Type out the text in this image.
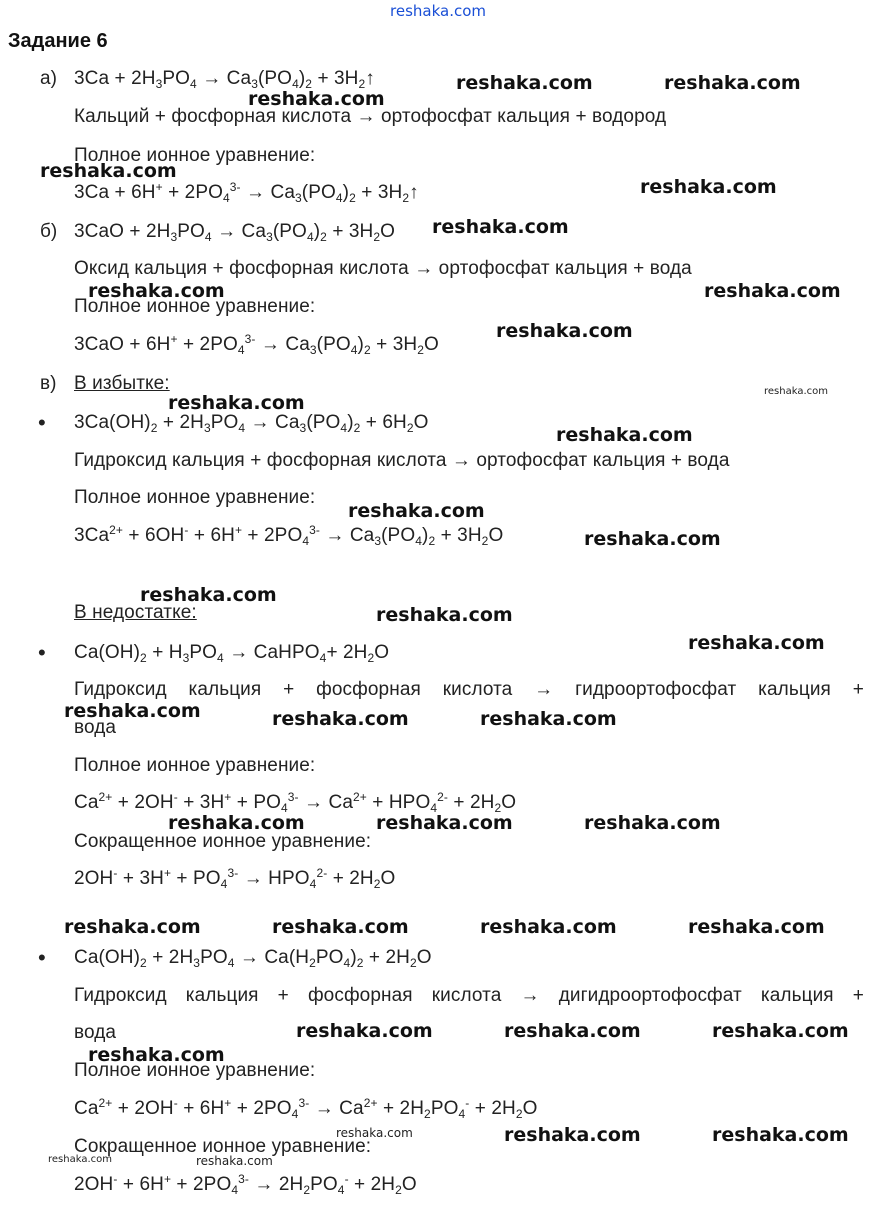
reshaka.com
Задание 6
а) $3Ca + 2H_3PO_4 \to Ca_3(PO_4)_2$ + $3H_2↑$
Кальций + фосфорная кислота → ортофосфат кальция + водород
Полное ионное уравнение:
$3Ca + 6H^+ + 2PO_4^{3-} \to Ca_3(PO_4)_2$ + $3H_2↑$
б) $3CaO + 2H_3PO_4 \to Ca_3(PO_4)_2 + 3H_2O$
Оксид кальция + фосфорная кислота → ортофосфат кальция + вода
Полное ионное уравнение:
$3CaO + 6H^+ + 2PO_4^{3-} \to Ca_3(PO_4)_2 + 3H_2O$
в) В избытке:
• $3Ca(OH)_2 + 2H_3PO_4 \to Ca_3(PO_4)_2 + 6H_2O$
Гидроксид кальция + фосфорная кислота → ортофосфат кальция + вода
Полное ионное уравнение:
$3Ca^{2+} + 6OH^- + 6H^+ + 2PO_4^{3-} \to Ca_3(PO_4)_2 + 3H_2O$
В недостатке:
• $Ca(OH)_2 + H_3PO_4$ → CaHPO$_4$+ $2H_2O$
Гидроксид кальция + фосфорная кислота → гидроортофосфат кальция +
вода
Полное ионное уравнение:
$Ca^{2+} + 2OH^- + 3H^+ + PO_4^{3-} \to Ca^{2+} + HPO_4^{2-} + 2H_2O$
Сокращенное ионное уравнение:
$2OH^- + 3H^+ + PO_4^{3-} \to HPO_4^{2-} + 2H_2O$
• $Ca(OH)_2 + 2H_3PO_4 \to Ca(H_2PO_4)_2 + 2H_2O$
Гидроксид кальция + фосфорная кислота → дигидроортофосфат кальция +
вода
Полное ионное уравнение:
$Ca^{2+} + 2OH^- + 6H^+ + 2PO_4^{3-} \to Ca^{2+} + 2H_2PO_4^- + 2H_2O$
Сокращенное ионное уравнение:
$2OH^- + 6H^+ + 2PO_4^{3-} \to 2H_2PO_4^- + 2H_2O$
reshaka.com	reshaka.com
reshaka.com
reshaka.com
reshaka.com
reshaka.com
reshaka.com	reshaka.com
reshaka.com
reshaka.com
reshaka.com
reshaka.com
reshaka.com
reshaka.com
reshaka.com
reshaka.com
reshaka.com	reshaka.com	reshaka.com
reshaka.com	reshaka.com	reshaka.com
reshaka.com	reshaka.com	reshaka.com	reshaka.com
reshaka.com	reshaka.com	reshaka.com
reshaka.com
reshaka.com	reshaka.com
reshaka.com
reshaka.com
reshaka.com	reshaka.com
